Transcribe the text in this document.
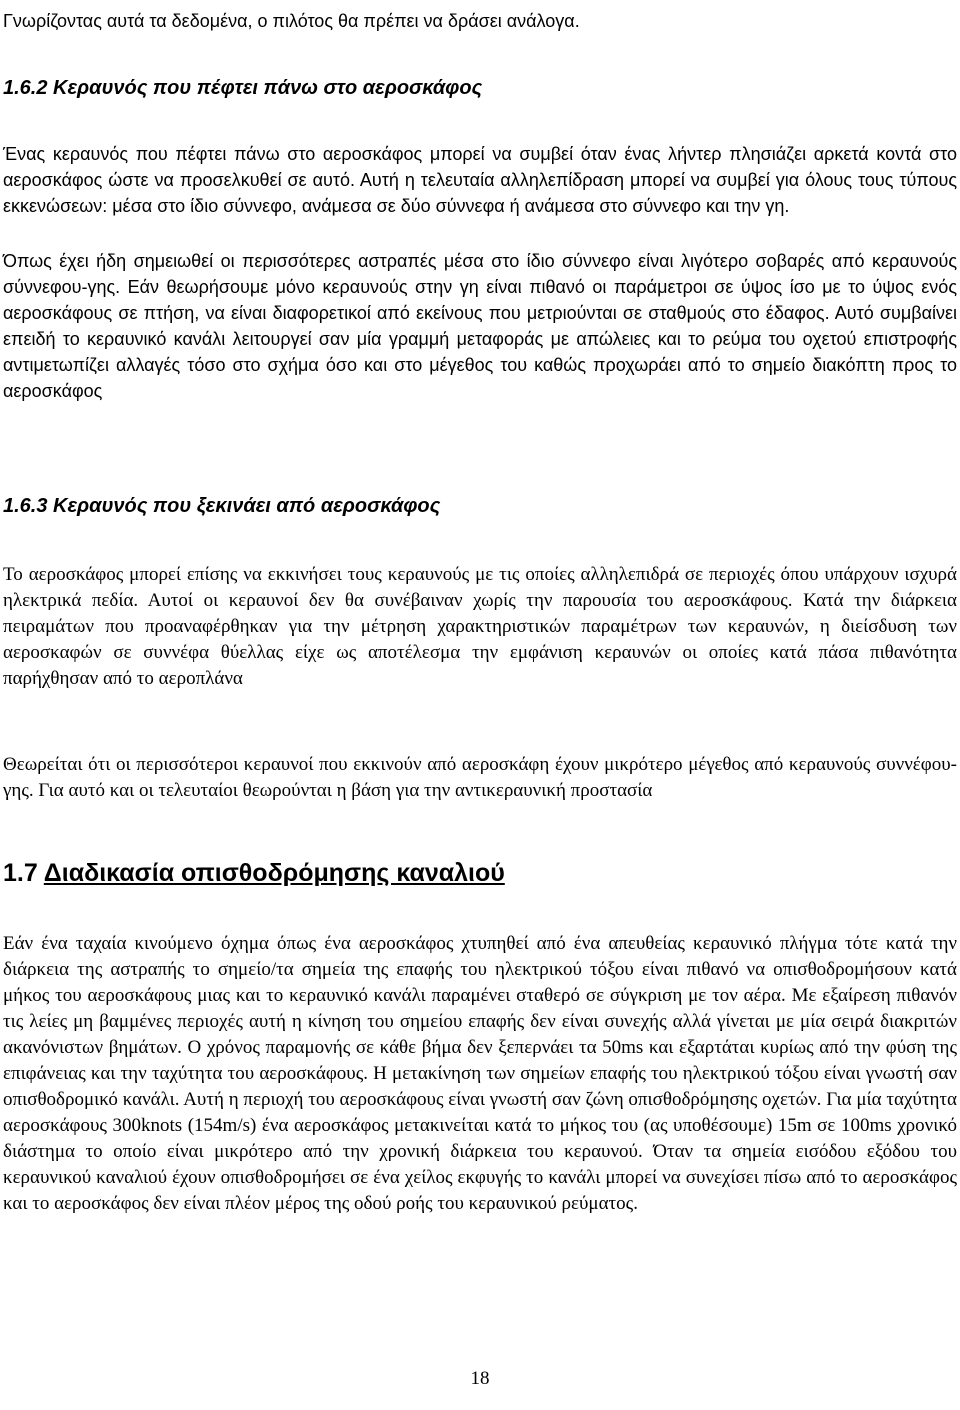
Γνωρίζοντας αυτά τα δεδομένα, ο πιλότος θα πρέπει να δράσει ανάλογα.

1.6.2 Κεραυνός που πέφτει πάνω στο αεροσκάφος

Ένας κεραυνός που πέφτει πάνω στο αεροσκάφος μπορεί να συμβεί όταν ένας λήντερ πλησιάζει αρκετά κοντά στο αεροσκάφος ώστε να προσελκυθεί σε αυτό. Αυτή η τελευταία αλληλεπίδραση μπορεί να συμβεί για όλους τους τύπους εκκενώσεων: μέσα στο ίδιο σύννεφο, ανάμεσα σε δύο σύννεφα ή ανάμεσα στο σύννεφο και την γη.

Όπως έχει ήδη σημειωθεί οι περισσότερες αστραπές μέσα στο ίδιο σύννεφο είναι λιγότερο σοβαρές από κεραυνούς σύννεφου-γης. Εάν θεωρήσουμε μόνο κεραυνούς στην γη είναι πιθανό οι παράμετροι σε ύψος ίσο με το ύψος ενός αεροσκάφους σε πτήση, να είναι διαφορετικοί από εκείνους που μετριούνται σε σταθμούς στο έδαφος. Αυτό συμβαίνει επειδή το κεραυνικό κανάλι λειτουργεί σαν μία γραμμή μεταφοράς με απώλειες και το ρεύμα του οχετού επιστροφής αντιμετωπίζει αλλαγές τόσο στο σχήμα όσο και στο μέγεθος του καθώς προχωράει από το σημείο διακόπτη προς το αεροσκάφος

1.6.3 Κεραυνός που ξεκινάει από αεροσκάφος

Το αεροσκάφος μπορεί επίσης να εκκινήσει τους κεραυνούς με τις οποίες αλληλεπιδρά σε περιοχές όπου υπάρχουν ισχυρά ηλεκτρικά πεδία. Αυτοί οι κεραυνοί δεν θα συνέβαιναν χωρίς την παρουσία του αεροσκάφους. Κατά την διάρκεια πειραμάτων που προαναφέρθηκαν για την μέτρηση χαρακτηριστικών παραμέτρων των κεραυνών, η διείσδυση των αεροσκαφών σε συννέφα θύελλας είχε ως αποτέλεσμα την εμφάνιση κεραυνών οι οποίες κατά πάσα πιθανότητα παρήχθησαν από το αεροπλάνα

Θεωρείται ότι οι περισσότεροι κεραυνοί που εκκινούν από αεροσκάφη έχουν μικρότερο μέγεθος από κεραυνούς συννέφου-γης. Για αυτό και οι τελευταίοι θεωρούνται η βάση για την αντικεραυνική προστασία

1.7 Διαδικασία οπισθοδρόμησης καναλιού

Εάν ένα ταχαία κινούμενο όχημα όπως ένα αεροσκάφος χτυπηθεί από ένα απευθείας κεραυνικό πλήγμα τότε κατά την διάρκεια της αστραπής το σημείο/τα σημεία της επαφής του ηλεκτρικού τόξου είναι πιθανό να οπισθοδρομήσουν κατά μήκος του αεροσκάφους μιας και το κεραυνικό κανάλι παραμένει σταθερό σε σύγκριση με τον αέρα. Με εξαίρεση πιθανόν τις λείες μη βαμμένες περιοχές αυτή η κίνηση του σημείου επαφής δεν είναι συνεχής αλλά γίνεται με μία σειρά διακριτών ακανόνιστων βημάτων. Ο χρόνος παραμονής σε κάθε βήμα δεν ξεπερνάει τα 50ms και εξαρτάται κυρίως από την φύση της επιφάνειας και την ταχύτητα του αεροσκάφους. Η μετακίνηση των σημείων επαφής του ηλεκτρικού τόξου είναι γνωστή σαν οπισθοδρομικό κανάλι. Αυτή η περιοχή του αεροσκάφους είναι γνωστή σαν ζώνη οπισθοδρόμησης οχετών. Για μία ταχύτητα αεροσκάφους 300knots (154m/s) ένα αεροσκάφος μετακινείται κατά το μήκος του (ας υποθέσουμε) 15m σε 100ms χρονικό διάστημα το οποίο είναι μικρότερο από την χρονική διάρκεια του κεραυνού. Όταν τα σημεία εισόδου εξόδου του κεραυνικού καναλιού έχουν οπισθοδρομήσει σε ένα χείλος εκφυγής το κανάλι μπορεί να συνεχίσει πίσω από το αεροσκάφος και το αεροσκάφος δεν είναι πλέον μέρος της οδού ροής του κεραυνικού ρεύματος.

18
